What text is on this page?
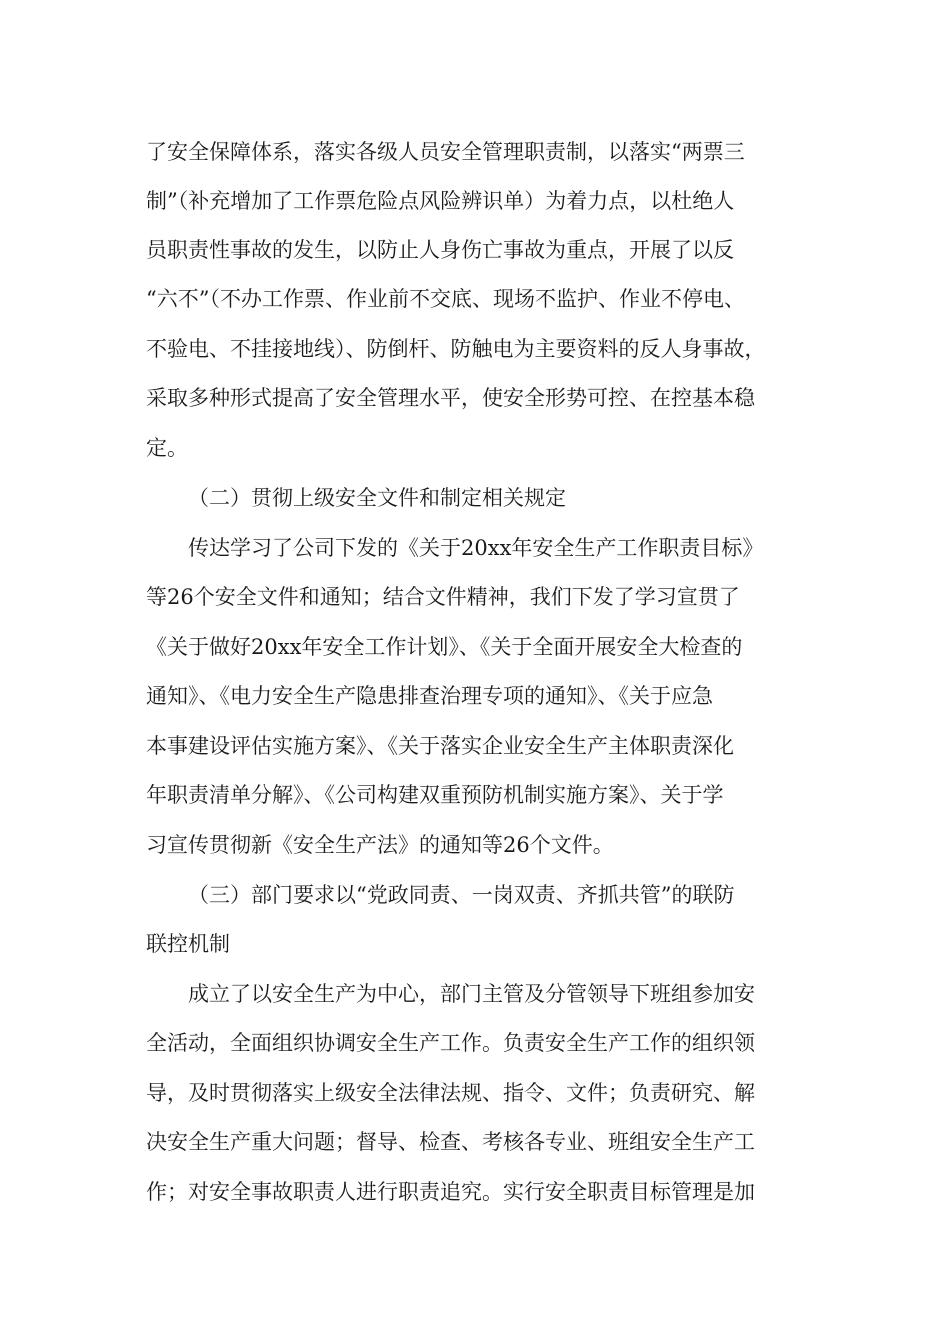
了安全保障体系，落实各级人员安全管理职责制，以落实“两票三

制”（补充增加了工作票危险点风险辨识单）为着力点，以杜绝人

员职责性事故的发生，以防止人身伤亡事故为重点，开展了以反

“六不”（不办工作票、作业前不交底、现场不监护、作业不停电、

不验电、不挂接地线）、防倒杆、防触电为主要资料的反人身事故，

采取多种形式提高了安全管理水平，使安全形势可控、在控基本稳

定。

（二）贯彻上级安全文件和制定相关规定

传达学习了公司下发的《关于20xx年安全生产工作职责目标》

等26个安全文件和通知；结合文件精神，我们下发了学习宣贯了

《关于做好20xx年安全工作计划》、《关于全面开展安全大检查的

通知》、《电力安全生产隐患排查治理专项的通知》、《关于应急

本事建设评估实施方案》、《关于落实企业安全生产主体职责深化

年职责清单分解》、《公司构建双重预防机制实施方案》、关于学

习宣传贯彻新《安全生产法》的通知等26个文件。

（三）部门要求以“党政同责、一岗双责、齐抓共管”的联防

联控机制

成立了以安全生产为中心，部门主管及分管领导下班组参加安

全活动，全面组织协调安全生产工作。负责安全生产工作的组织领

导，及时贯彻落实上级安全法律法规、指令、文件；负责研究、解

决安全生产重大问题；督导、检查、考核各专业、班组安全生产工

作；对安全事故职责人进行职责追究。实行安全职责目标管理是加
